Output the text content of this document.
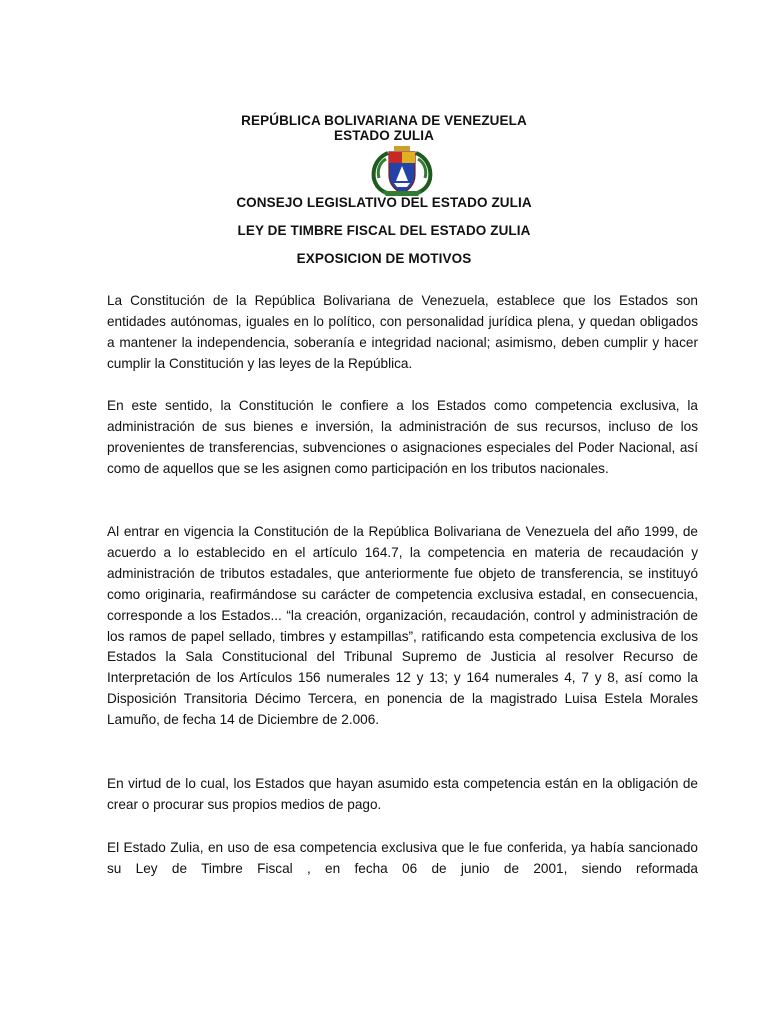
REPÚBLICA BOLIVARIANA DE VENEZUELA
ESTADO ZULIA
CONSEJO LEGISLATIVO DEL ESTADO ZULIA
LEY DE TIMBRE FISCAL DEL ESTADO ZULIA
EXPOSICION DE MOTIVOS

La Constitución de la República Bolivariana de Venezuela, establece que los Estados son entidades autónomas, iguales en lo político, con personalidad jurídica plena, y quedan obligados a mantener la independencia, soberanía e integridad nacional; asimismo, deben cumplir y hacer cumplir la Constitución y las leyes de la República.

En este sentido, la Constitución le confiere a los Estados como competencia exclusiva, la administración de sus bienes e inversión, la administración de sus recursos, incluso de los provenientes de transferencias, subvenciones o asignaciones especiales del Poder Nacional, así como de aquellos que se les asignen como participación en los tributos nacionales.

Al entrar en vigencia la Constitución de la República Bolivariana de Venezuela del año 1999, de acuerdo a lo establecido en el artículo 164.7, la competencia en materia de recaudación y administración de tributos estadales, que anteriormente fue objeto de transferencia, se instituyó como originaria, reafirmándose su carácter de competencia exclusiva estadal, en consecuencia, corresponde a los Estados... “la creación, organización, recaudación, control y administración de los ramos de papel sellado, timbres y estampillas”, ratificando esta competencia exclusiva de los Estados la Sala Constitucional del Tribunal Supremo de Justicia al resolver Recurso de Interpretación de los Artículos 156 numerales 12 y 13; y 164 numerales 4, 7 y 8, así como la Disposición Transitoria Décimo Tercera, en ponencia de la magistrado Luisa Estela Morales Lamuño, de fecha 14 de Diciembre de 2.006.

En virtud de lo cual, los Estados que hayan asumido esta competencia están en la obligación de crear o procurar sus propios medios de pago.

El Estado Zulia, en uso de esa competencia exclusiva que le fue conferida, ya había sancionado su Ley de Timbre Fiscal , en fecha 06 de junio de 2001, siendo reformada
